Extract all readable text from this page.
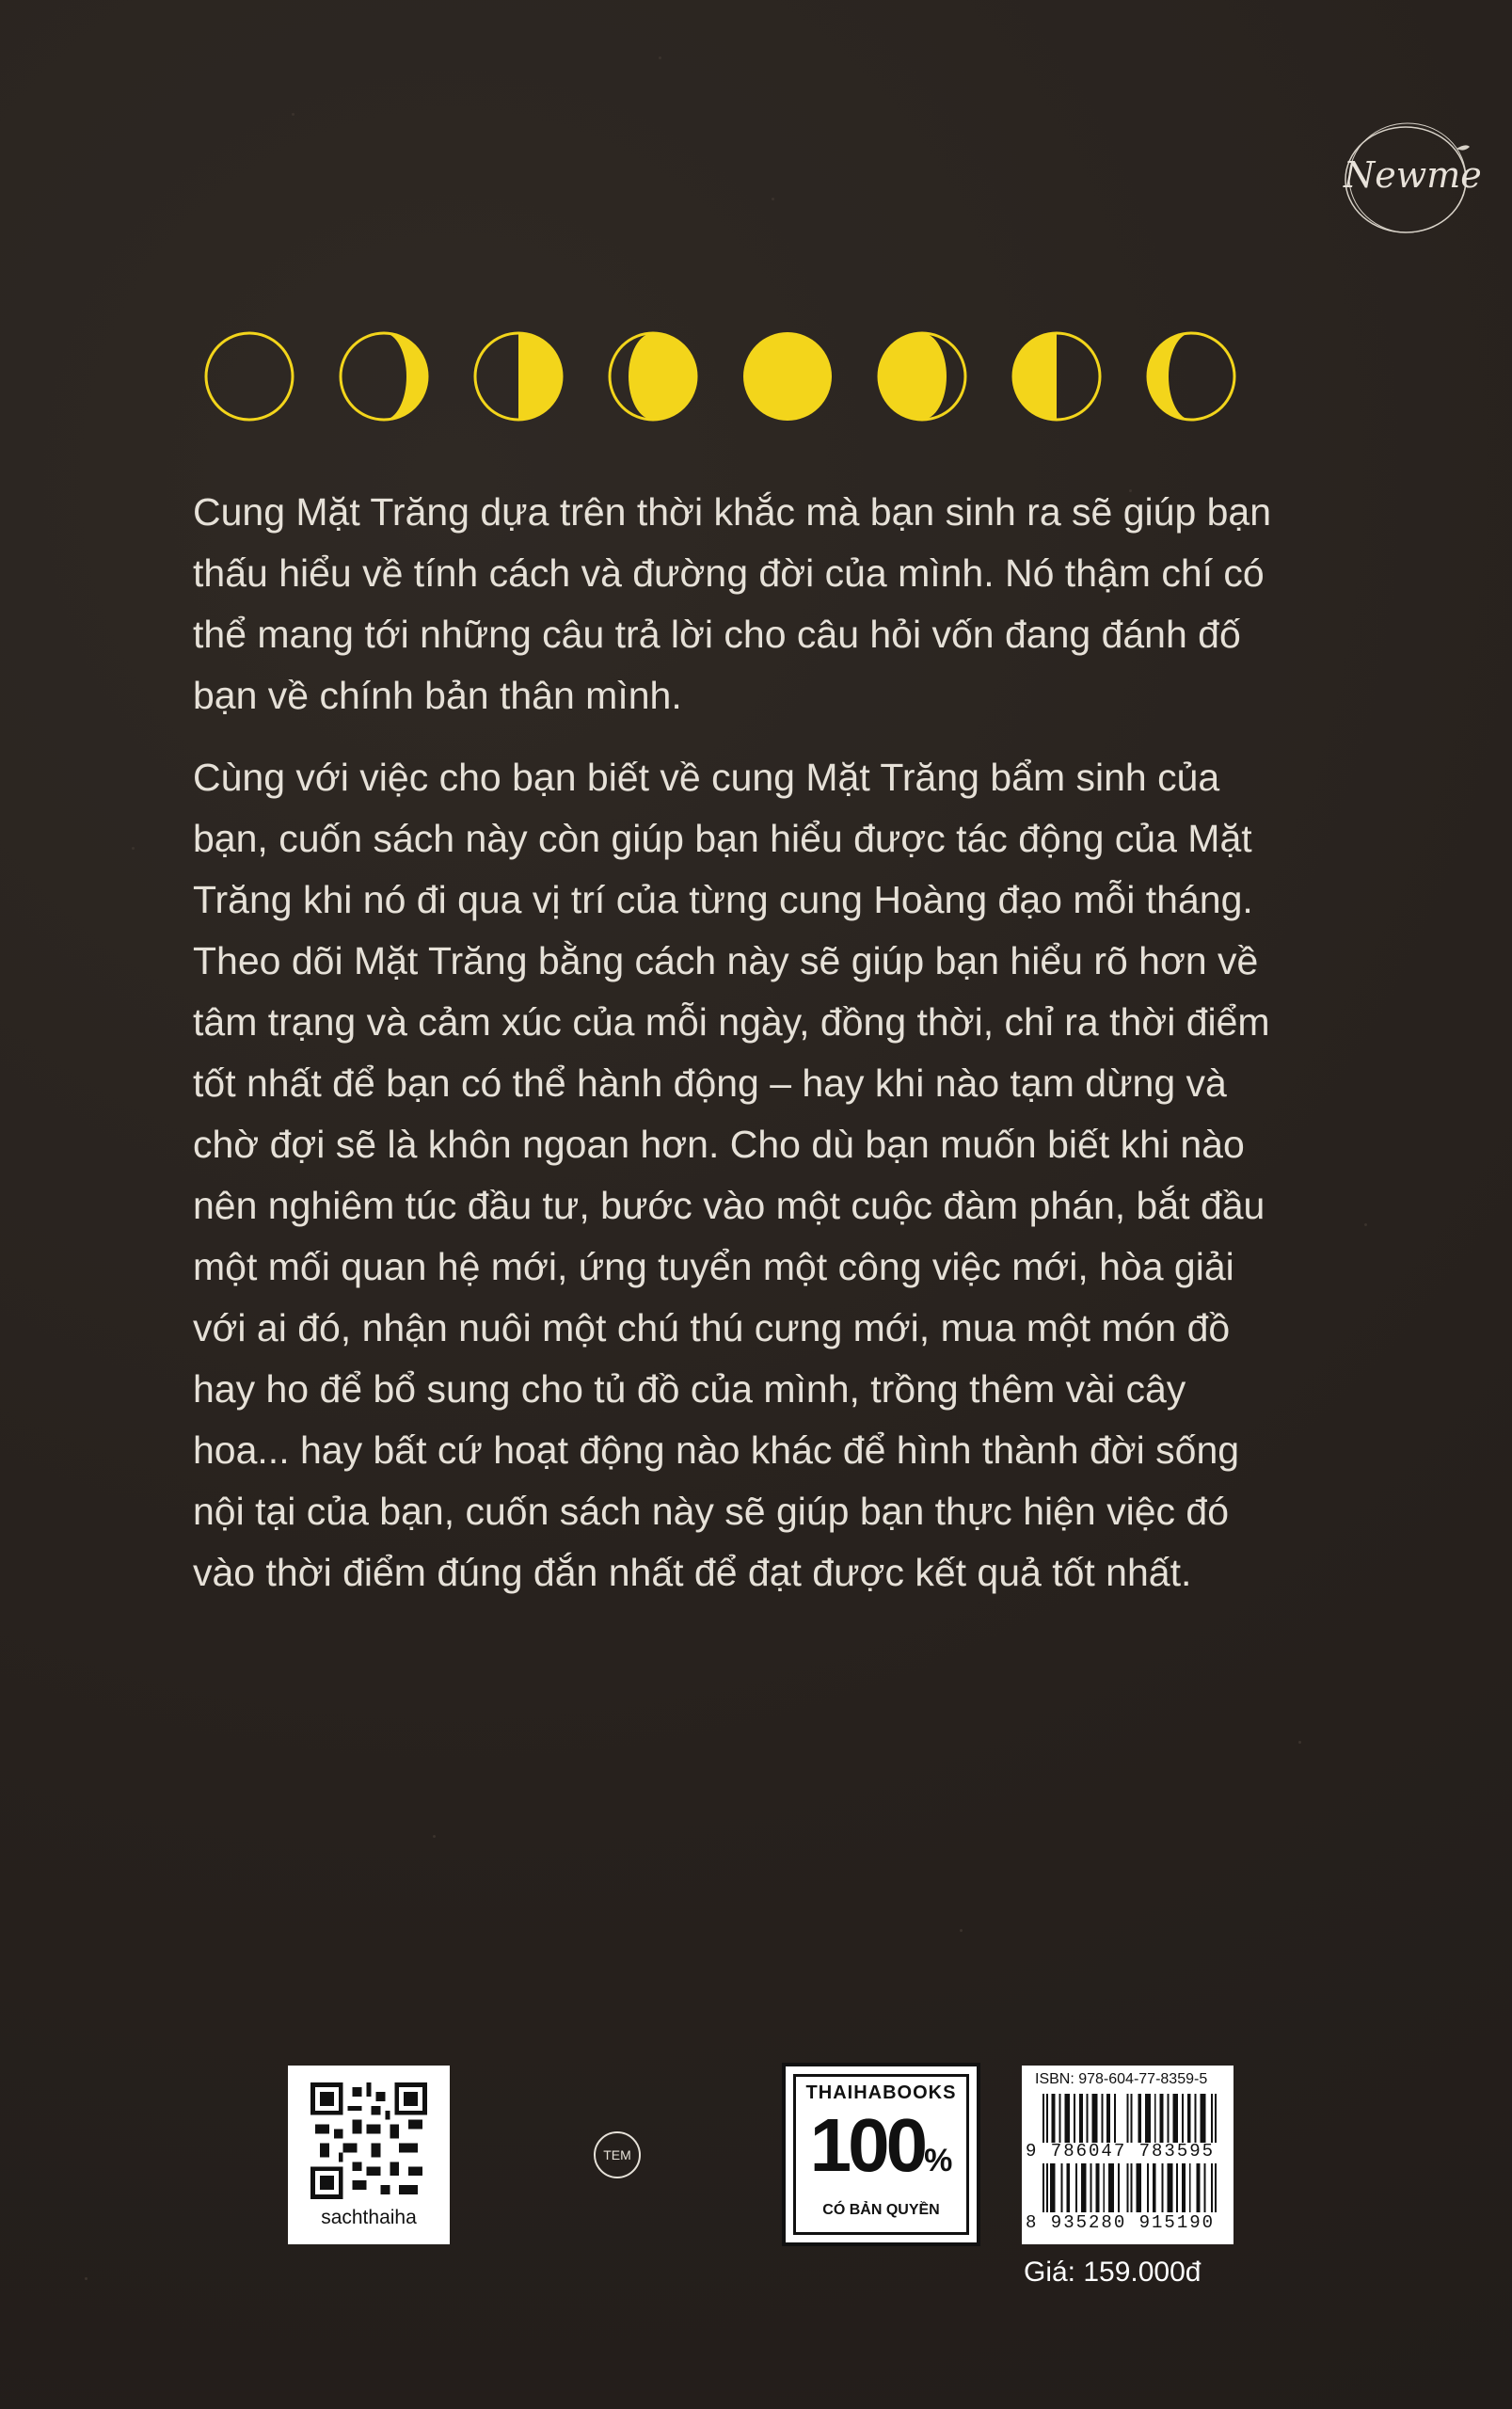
Newme

Cung Mặt Trăng dựa trên thời khắc mà bạn sinh ra sẽ giúp bạn thấu hiểu về tính cách và đường đời của mình. Nó thậm chí có thể mang tới những câu trả lời cho câu hỏi vốn đang đánh đố bạn về chính bản thân mình.

Cùng với việc cho bạn biết về cung Mặt Trăng bẩm sinh của bạn, cuốn sách này còn giúp bạn hiểu được tác động của Mặt Trăng khi nó đi qua vị trí của từng cung Hoàng đạo mỗi tháng. Theo dõi Mặt Trăng bằng cách này sẽ giúp bạn hiểu rõ hơn về tâm trạng và cảm xúc của mỗi ngày, đồng thời, chỉ ra thời điểm tốt nhất để bạn có thể hành động – hay khi nào tạm dừng và chờ đợi sẽ là khôn ngoan hơn. Cho dù bạn muốn biết khi nào nên nghiêm túc đầu tư, bước vào một cuộc đàm phán, bắt đầu một mối quan hệ mới, ứng tuyển một công việc mới, hòa giải với ai đó, nhận nuôi một chú thú cưng mới, mua một món đồ hay ho để bổ sung cho tủ đồ của mình, trồng thêm vài cây hoa... hay bất cứ hoạt động nào khác để hình thành đời sống nội tại của bạn, cuốn sách này sẽ giúp bạn thực hiện việc đó vào thời điểm đúng đắn nhất để đạt được kết quả tốt nhất.

sachthaiha
TEM
THAIHABOOKS
100%
CÓ BẢN QUYỀN
ISBN: 978-604-77-8359-5
9 786047 783595
8 935280 915190
Giá: 159.000đ
